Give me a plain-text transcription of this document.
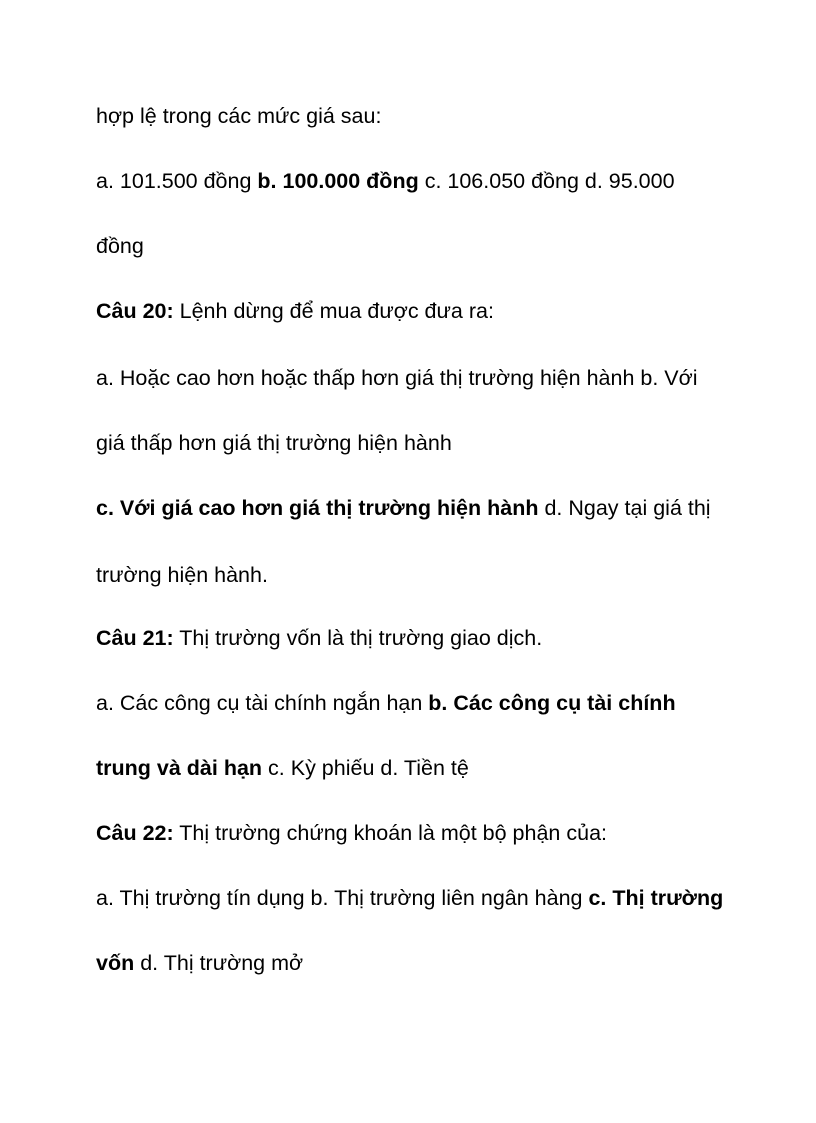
hợp lệ trong các mức giá sau:
a. 101.500 đồng b. 100.000 đồng c. 106.050 đồng d. 95.000
đồng
Câu 20: Lệnh dừng để mua được đưa ra:
a. Hoặc cao hơn hoặc thấp hơn giá thị trường hiện hành b. Với
giá thấp hơn giá thị trường hiện hành
c. Với giá cao hơn giá thị trường hiện hành d. Ngay tại giá thị
trường hiện hành.
Câu 21: Thị trường vốn là thị trường giao dịch.
a. Các công cụ tài chính ngắn hạn b. Các công cụ tài chính
trung và dài hạn c. Kỳ phiếu d. Tiền tệ
Câu 22: Thị trường chứng khoán là một bộ phận của:
a. Thị trường tín dụng b. Thị trường liên ngân hàng c. Thị trường
vốn d. Thị trường mở
